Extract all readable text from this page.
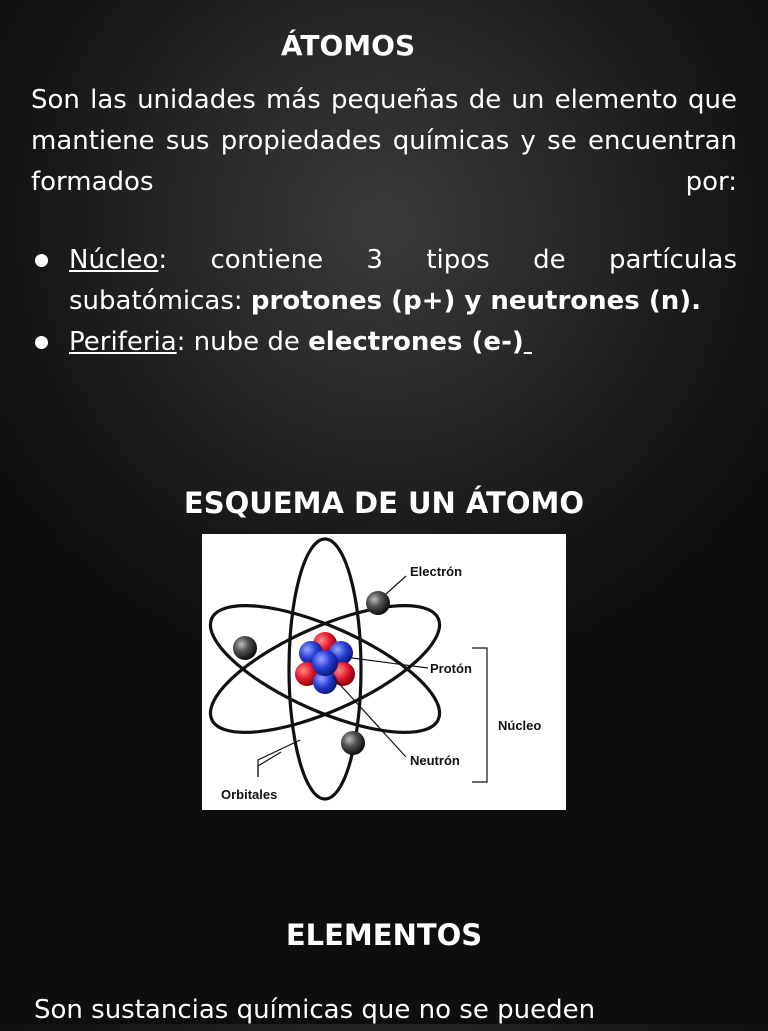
ÁTOMOS
Son las unidades más pequeñas de un elemento que mantiene sus propiedades químicas y se encuentran formados por:
Núcleo: contiene 3 tipos de partículas subatómicas: protones (p+) y neutrones (n).
Periferia: nube de electrones (e-)
ESQUEMA DE UN ÁTOMO
Electrón
Protón
Núcleo
Neutrón
Orbitales
ELEMENTOS
Son sustancias químicas que no se pueden
